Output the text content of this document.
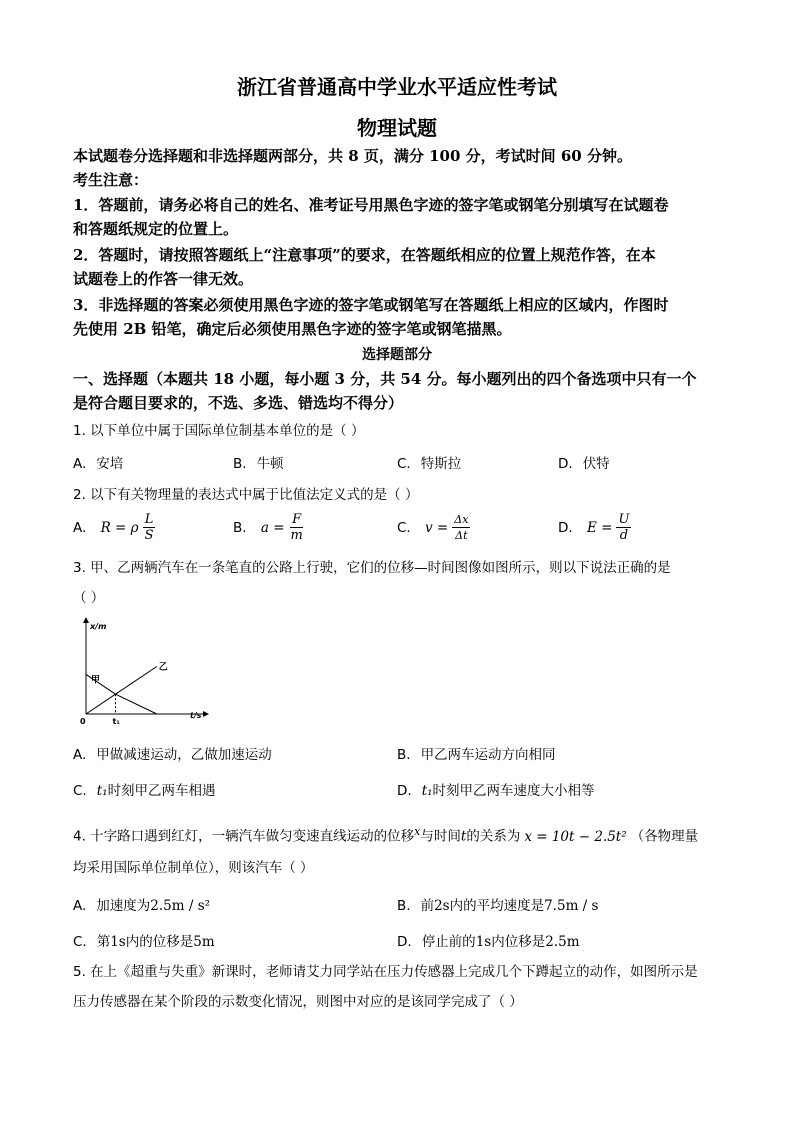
浙江省普通高中学业水平适应性考试
物理试题
本试题卷分选择题和非选择题两部分，共 8 页，满分 100 分，考试时间 60 分钟。
考生注意：
1．答题前，请务必将自己的姓名、准考证号用黑色字迹的签字笔或钢笔分别填写在试题卷
和答题纸规定的位置上。
2．答题时，请按照答题纸上“注意事项”的要求，在答题纸相应的位置上规范作答，在本
试题卷上的作答一律无效。
3．非选择题的答案必须使用黑色字迹的签字笔或钢笔写在答题纸上相应的区域内，作图时
先使用 2B 铅笔，确定后必须使用黑色字迹的签字笔或钢笔描黑。
选择题部分
一、选择题（本题共 18 小题，每小题 3 分，共 54 分。每小题列出的四个备选项中只有一个
是符合题目要求的，不选、多选、错选均不得分）
1. 以下单位中属于国际单位制基本单位的是（ ）
A. 安培	B. 牛顿	C. 特斯拉	D. 伏特
2. 以下有关物理量的表达式中属于比值法定义式的是（ ）
A. R = ρ $\frac{L}{S}$	B. $a = \frac{F}{m}$	C. $v = \frac{\Delta x}{\Delta t}$	D. $E = \frac{U}{d}$
3. 甲、乙两辆汽车在一条笔直的公路上行驶，它们的位移—时间图像如图所示，则以下说法正确的是
（ ）
x/m
t/s
0
甲
乙
t₁
A. 甲做减速运动，乙做加速运动	B. 甲乙两车运动方向相同
C. t₁时刻甲乙两车相遇	D. t₁时刻甲乙两车速度大小相等
4. 十字路口遇到红灯，一辆汽车做匀变速直线运动的位移$^x$与时间t的关系为 x = 10t − 2.5t² （各物理量
均采用国际单位制单位），则该汽车（ ）
A. 加速度为2.5m / s²	B. 前2s内的平均速度是7.5m / s
C. 第1s内的位移是5m	D. 停止前的1s内位移是2.5m
5. 在上《超重与失重》新课时，老师请艾力同学站在压力传感器上完成几个下蹲起立的动作，如图所示是
压力传感器在某个阶段的示数变化情况，则图中对应的是该同学完成了（ ）
